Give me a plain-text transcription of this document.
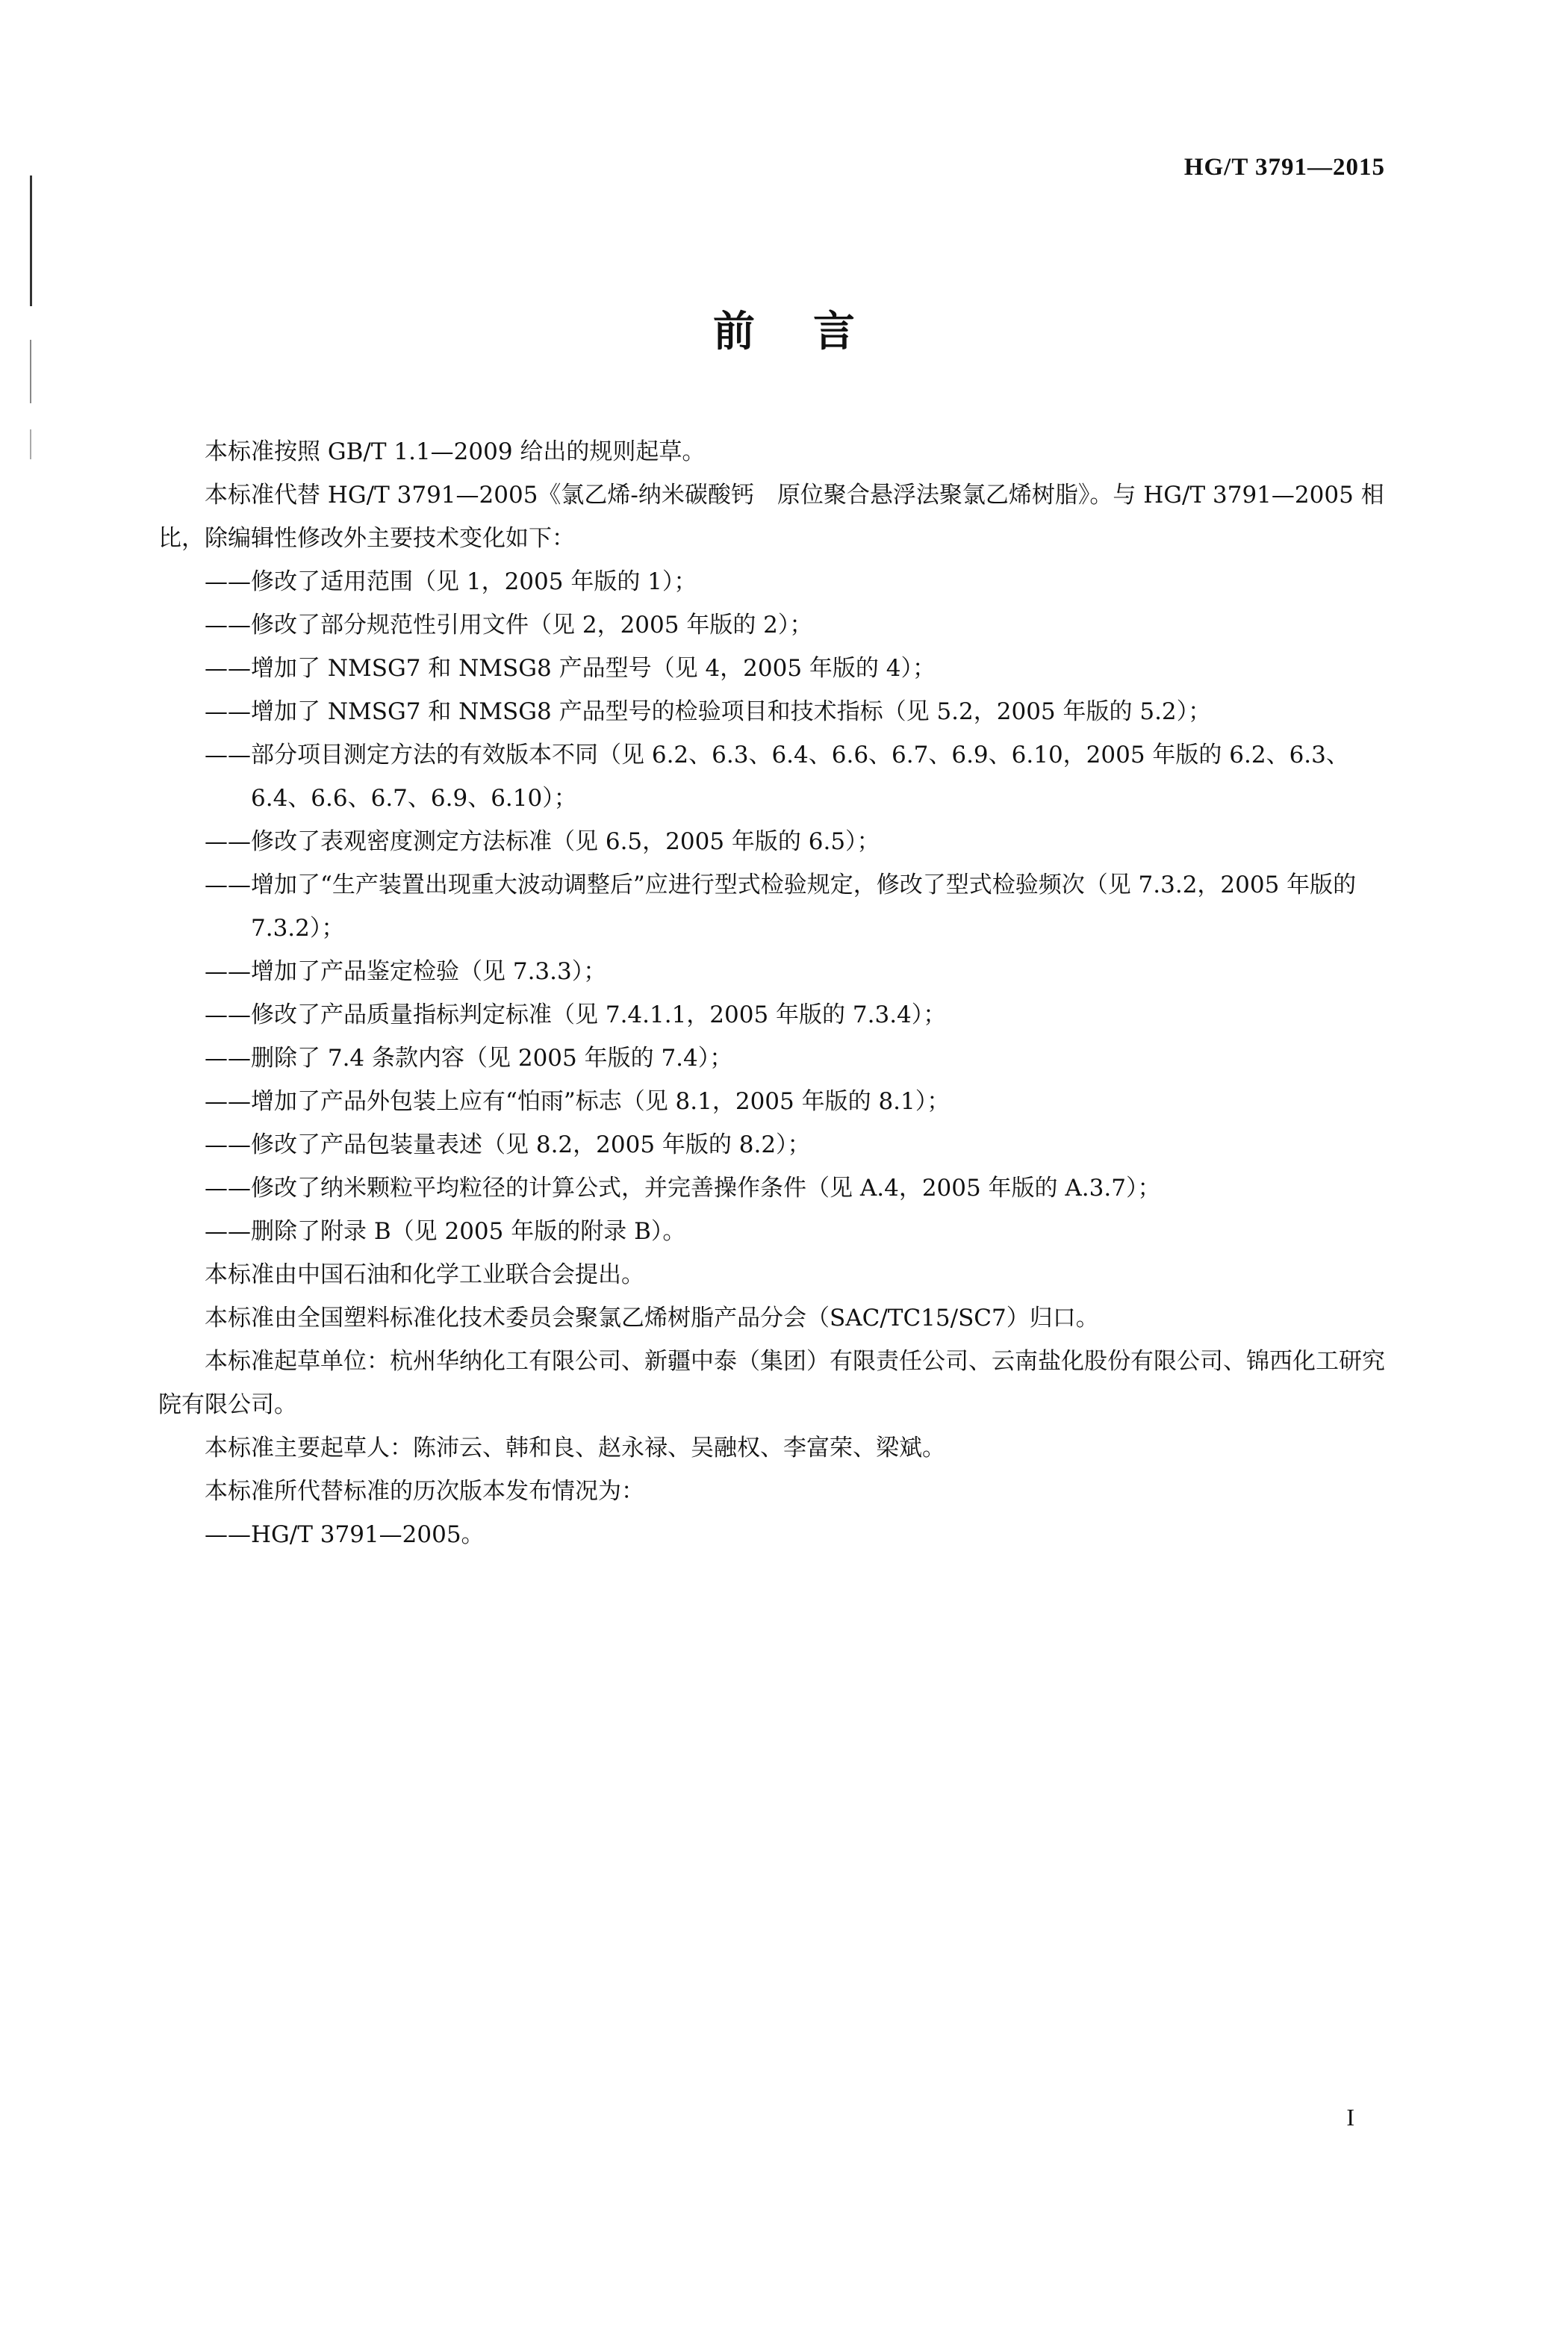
HG/T 3791—2015
前言

本标准按照 GB/T 1.1—2009 给出的规则起草。

本标准代替 HG/T 3791—2005《氯乙烯-纳米碳酸钙　原位聚合悬浮法聚氯乙烯树脂》。与 HG/T 3791—2005 相比，除编辑性修改外主要技术变化如下：

——修改了适用范围（见 1，2005 年版的 1）；

——修改了部分规范性引用文件（见 2，2005 年版的 2）；

——增加了 NMSG7 和 NMSG8 产品型号（见 4，2005 年版的 4）；

——增加了 NMSG7 和 NMSG8 产品型号的检验项目和技术指标（见 5.2，2005 年版的 5.2）；

——部分项目测定方法的有效版本不同（见 6.2、6.3、6.4、6.6、6.7、6.9、6.10，2005 年版的 6.2、6.3、6.4、6.6、6.7、6.9、6.10）；

——修改了表观密度测定方法标准（见 6.5，2005 年版的 6.5）；

——增加了“生产装置出现重大波动调整后”应进行型式检验规定，修改了型式检验频次（见 7.3.2，2005 年版的 7.3.2）；

——增加了产品鉴定检验（见 7.3.3）；

——修改了产品质量指标判定标准（见 7.4.1.1，2005 年版的 7.3.4）；

——删除了 7.4 条款内容（见 2005 年版的 7.4）；

——增加了产品外包装上应有“怕雨”标志（见 8.1，2005 年版的 8.1）；

——修改了产品包装量表述（见 8.2，2005 年版的 8.2）；

——修改了纳米颗粒平均粒径的计算公式，并完善操作条件（见 A.4，2005 年版的 A.3.7）；

——删除了附录 B（见 2005 年版的附录 B）。

本标准由中国石油和化学工业联合会提出。

本标准由全国塑料标准化技术委员会聚氯乙烯树脂产品分会（SAC/TC15/SC7）归口。

本标准起草单位：杭州华纳化工有限公司、新疆中泰（集团）有限责任公司、云南盐化股份有限公司、锦西化工研究院有限公司。

本标准主要起草人：陈沛云、韩和良、赵永禄、吴融权、李富荣、梁斌。

本标准所代替标准的历次版本发布情况为：

——HG/T 3791—2005。

I
